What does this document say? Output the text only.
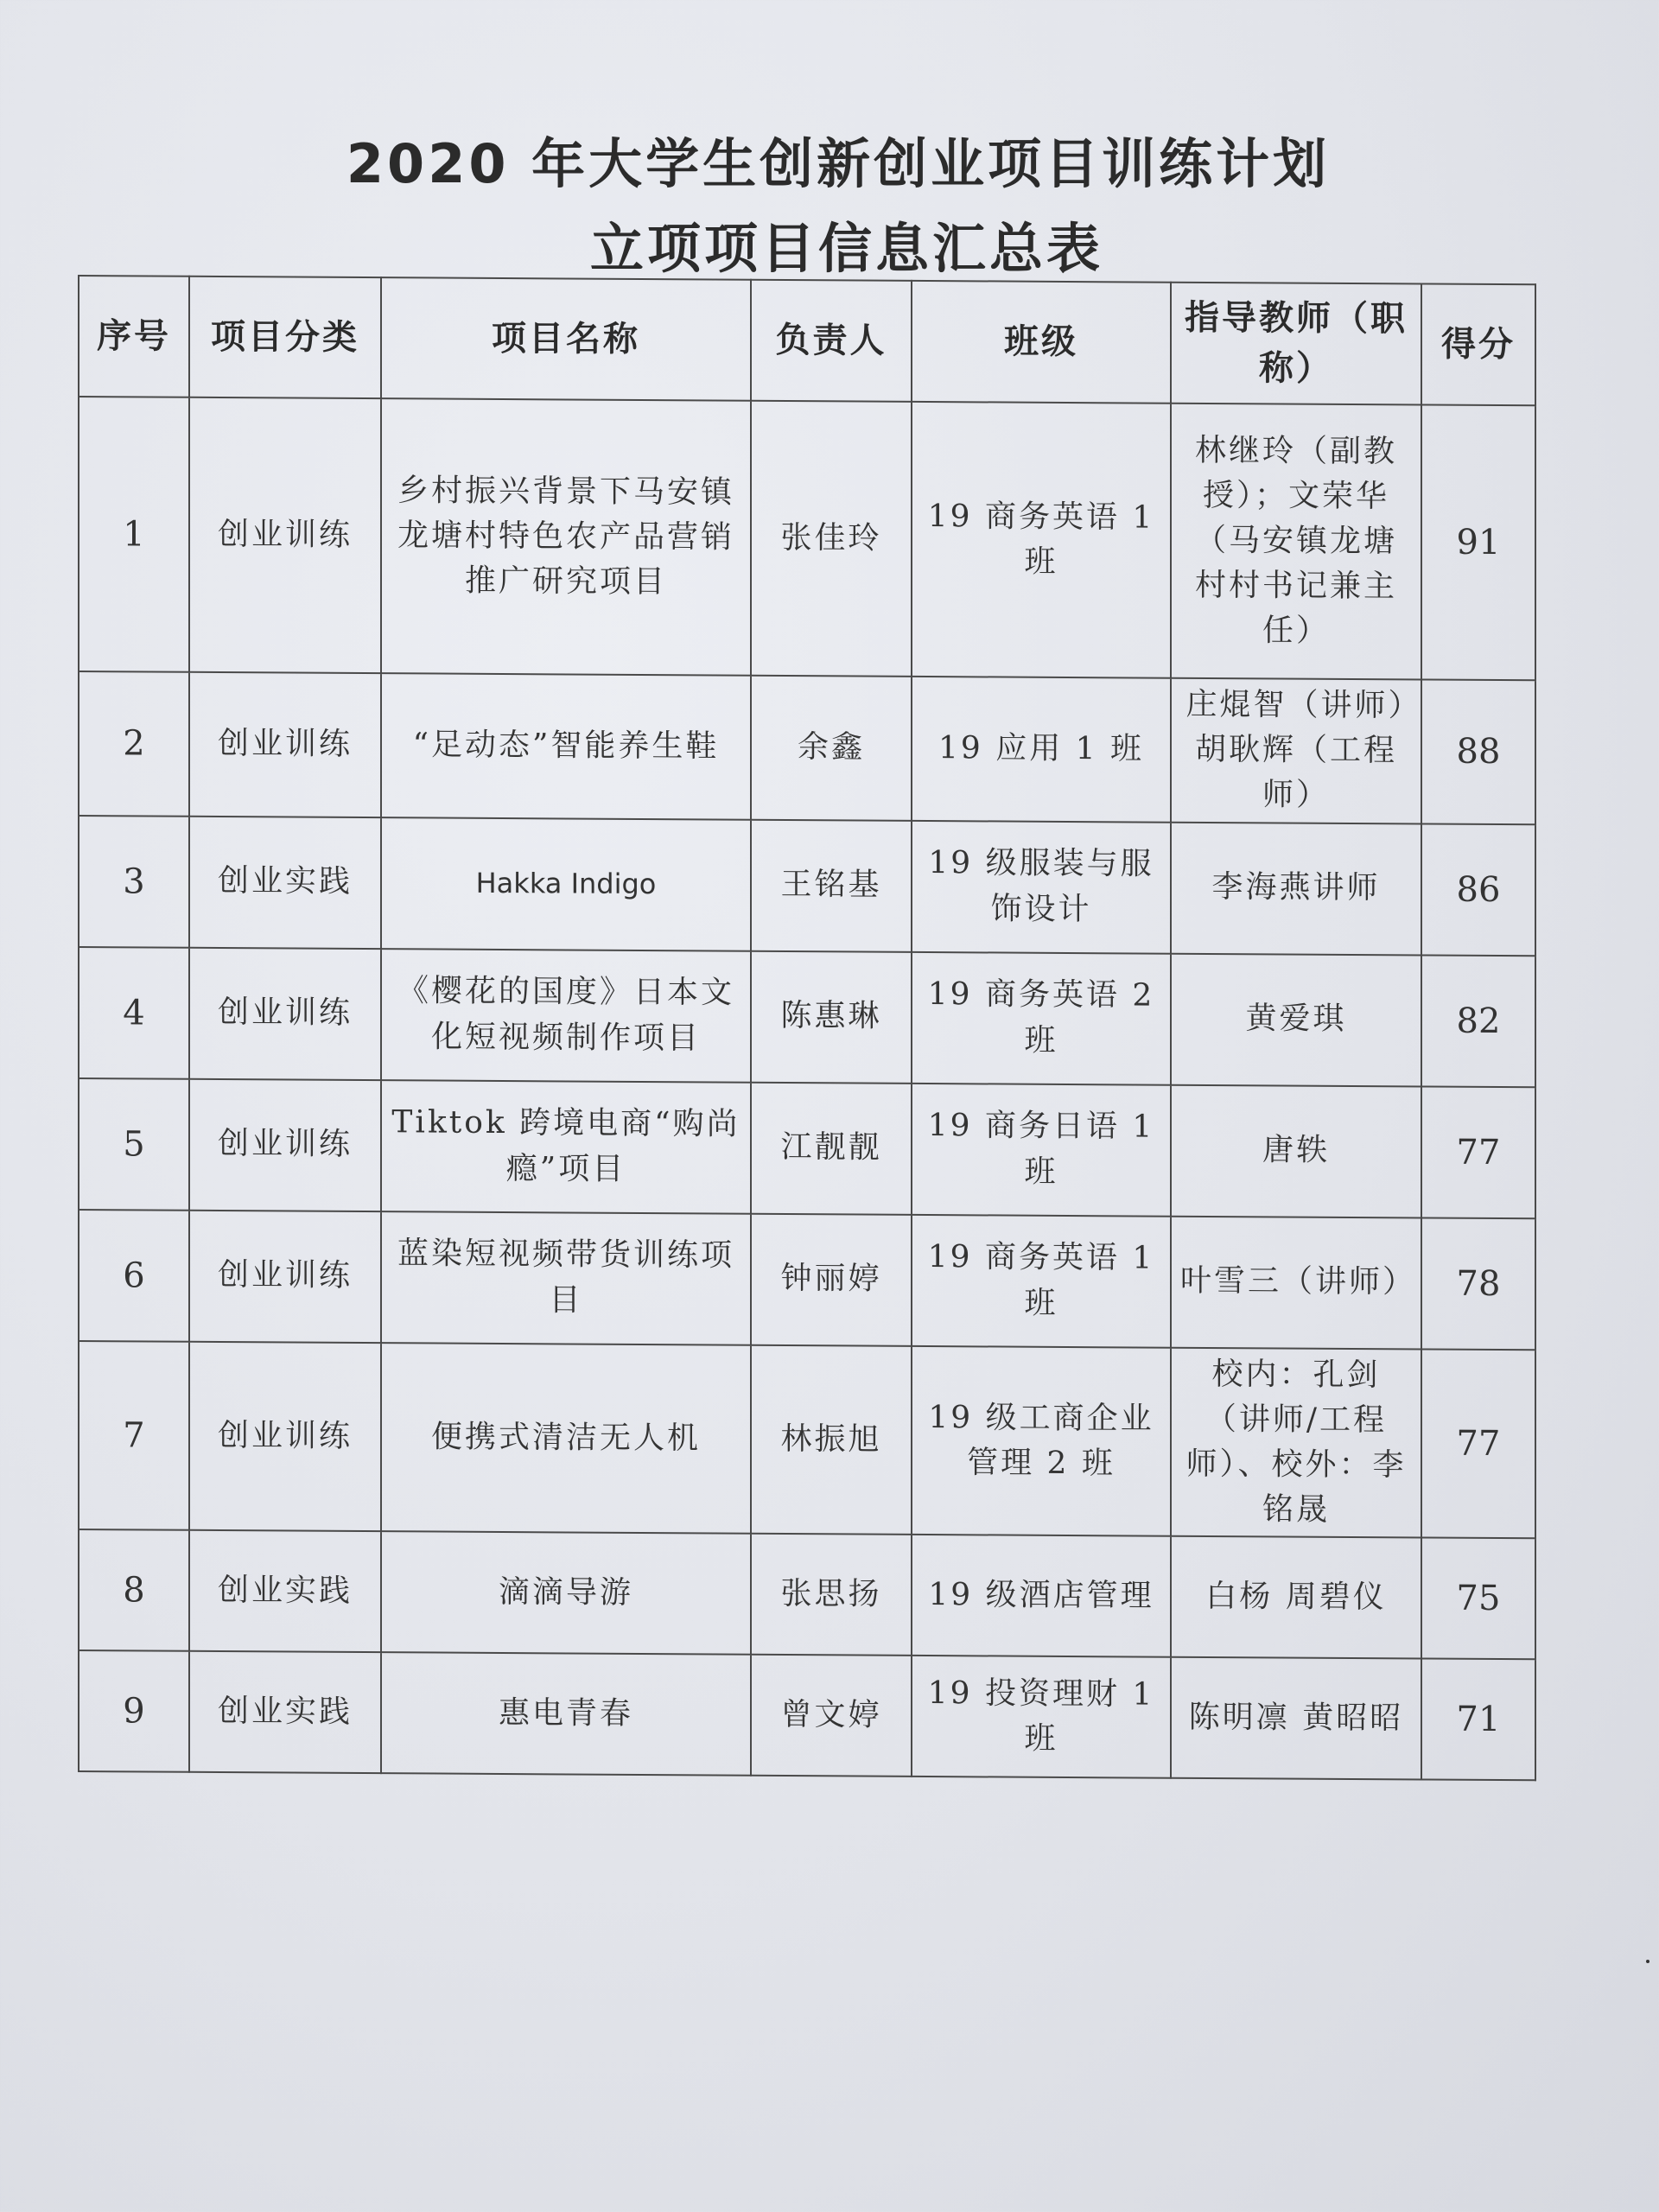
2020 年大学生创新创业项目训练计划
立项项目信息汇总表
序号	项目分类	项目名称	负责人	班级	指导教师（职称）	得分
1	创业训练	乡村振兴背景下马安镇龙塘村特色农产品营销推广研究项目	张佳玲	19 商务英语 1 班	林继玲（副教授）；文荣华（马安镇龙塘村村书记兼主任）	91
2	创业训练	“足动态”智能养生鞋	余鑫	19 应用 1 班	庄焜智（讲师）胡耿辉（工程师）	88
3	创业实践	Hakka Indigo	王铭基	19 级服装与服饰设计	李海燕讲师	86
4	创业训练	《樱花的国度》日本文化短视频制作项目	陈惠琳	19 商务英语 2 班	黄爱琪	82
5	创业训练	Tiktok 跨境电商“购尚瘾”项目	江靓靓	19 商务日语 1 班	唐轶	77
6	创业训练	蓝染短视频带货训练项目	钟丽婷	19 商务英语 1 班	叶雪三（讲师）	78
7	创业训练	便携式清洁无人机	林振旭	19 级工商企业管理 2 班	校内：孔剑（讲师/工程师）、校外：李铭晟	77
8	创业实践	滴滴导游	张思扬	19 级酒店管理	白杨 周碧仪	75
9	创业实践	惠电青春	曾文婷	19 投资理财 1 班	陈明凛 黄昭昭	71
